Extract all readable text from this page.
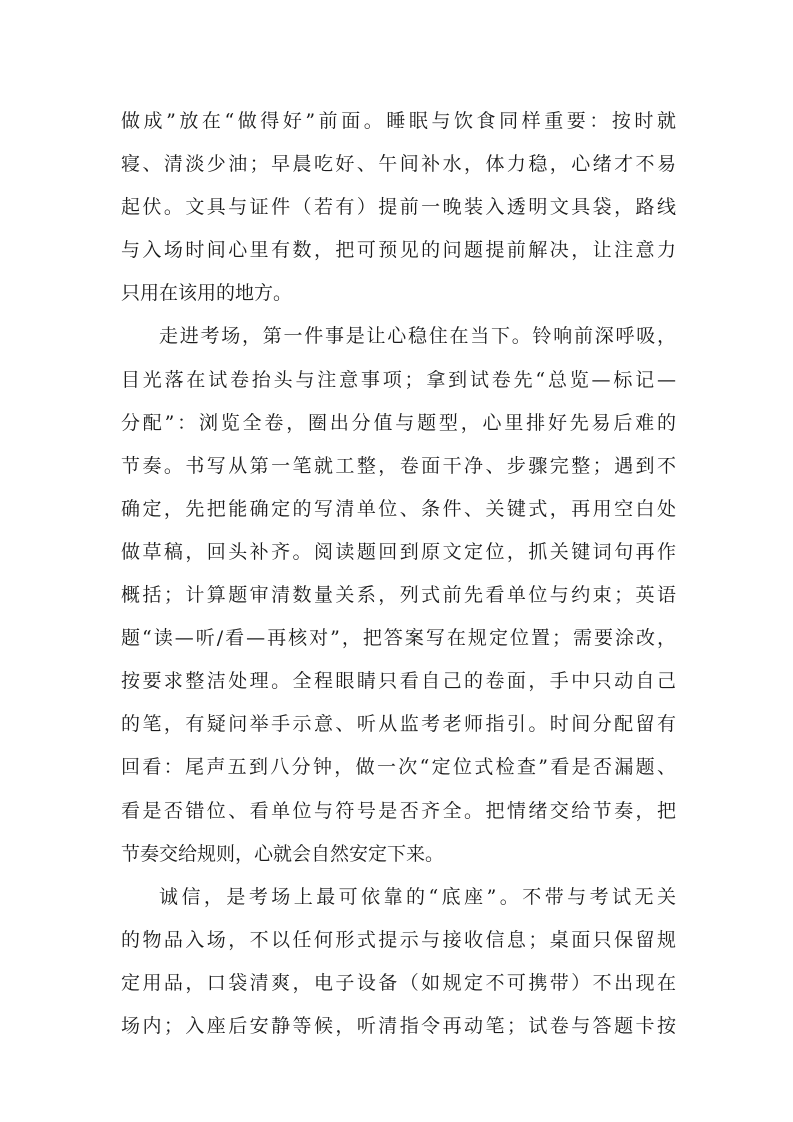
做成”放在“做得好”前面。睡眠与饮食同样重要：按时就
寝、清淡少油；早晨吃好、午间补水，体力稳，心绪才不易
起伏。文具与证件（若有）提前一晚装入透明文具袋，路线
与入场时间心里有数，把可预见的问题提前解决，让注意力
只用在该用的地方。
走进考场，第一件事是让心稳住在当下。铃响前深呼吸，
目光落在试卷抬头与注意事项；拿到试卷先“总览—标记—
分配”：浏览全卷，圈出分值与题型，心里排好先易后难的
节奏。书写从第一笔就工整，卷面干净、步骤完整；遇到不
确定，先把能确定的写清单位、条件、关键式，再用空白处
做草稿，回头补齐。阅读题回到原文定位，抓关键词句再作
概括；计算题审清数量关系，列式前先看单位与约束；英语
题“读—听/看—再核对”，把答案写在规定位置；需要涂改，
按要求整洁处理。全程眼睛只看自己的卷面，手中只动自己
的笔，有疑问举手示意、听从监考老师指引。时间分配留有
回看：尾声五到八分钟，做一次“定位式检查”看是否漏题、
看是否错位、看单位与符号是否齐全。把情绪交给节奏，把
节奏交给规则，心就会自然安定下来。
诚信，是考场上最可依靠的“底座”。不带与考试无关
的物品入场，不以任何形式提示与接收信息；桌面只保留规
定用品，口袋清爽，电子设备（如规定不可携带）不出现在
场内；入座后安静等候，听清指令再动笔；试卷与答题卡按
